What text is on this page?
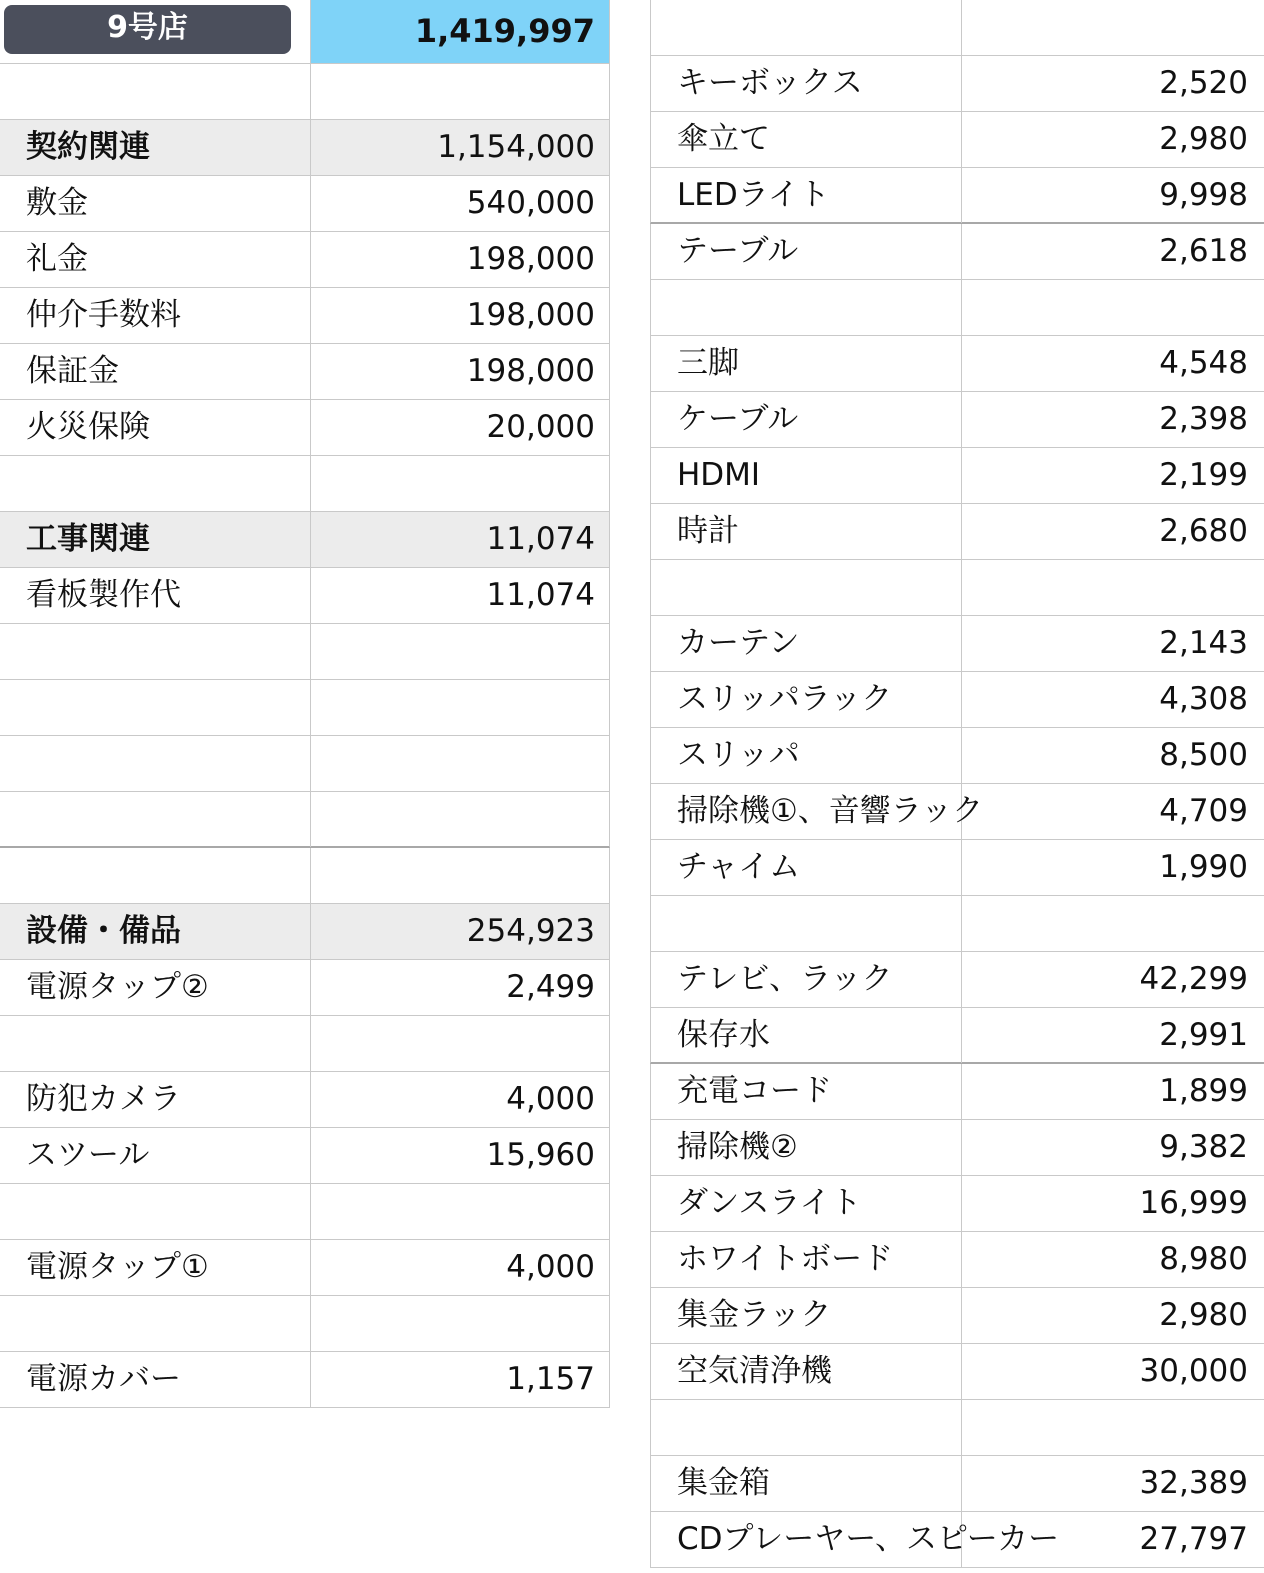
9号店	1,419,997
契約関連	1,154,000
敷金	540,000
礼金	198,000
仲介手数料	198,000
保証金	198,000
火災保険	20,000
工事関連	11,074
看板製作代	11,074
設備・備品	254,923
電源タップ②	2,499
防犯カメラ	4,000
スツール	15,960
電源タップ①	4,000
電源カバー	1,157
キーボックス	2,520
傘立て	2,980
LEDライト	9,998
テーブル	2,618
三脚	4,548
ケーブル	2,398
HDMI	2,199
時計	2,680
カーテン	2,143
スリッパラック	4,308
スリッパ	8,500
掃除機①、音響ラック	4,709
チャイム	1,990
テレビ、ラック	42,299
保存水	2,991
充電コード	1,899
掃除機②	9,382
ダンスライト	16,999
ホワイトボード	8,980
集金ラック	2,980
空気清浄機	30,000
集金箱	32,389
CDプレーヤー、スピーカー	27,797
